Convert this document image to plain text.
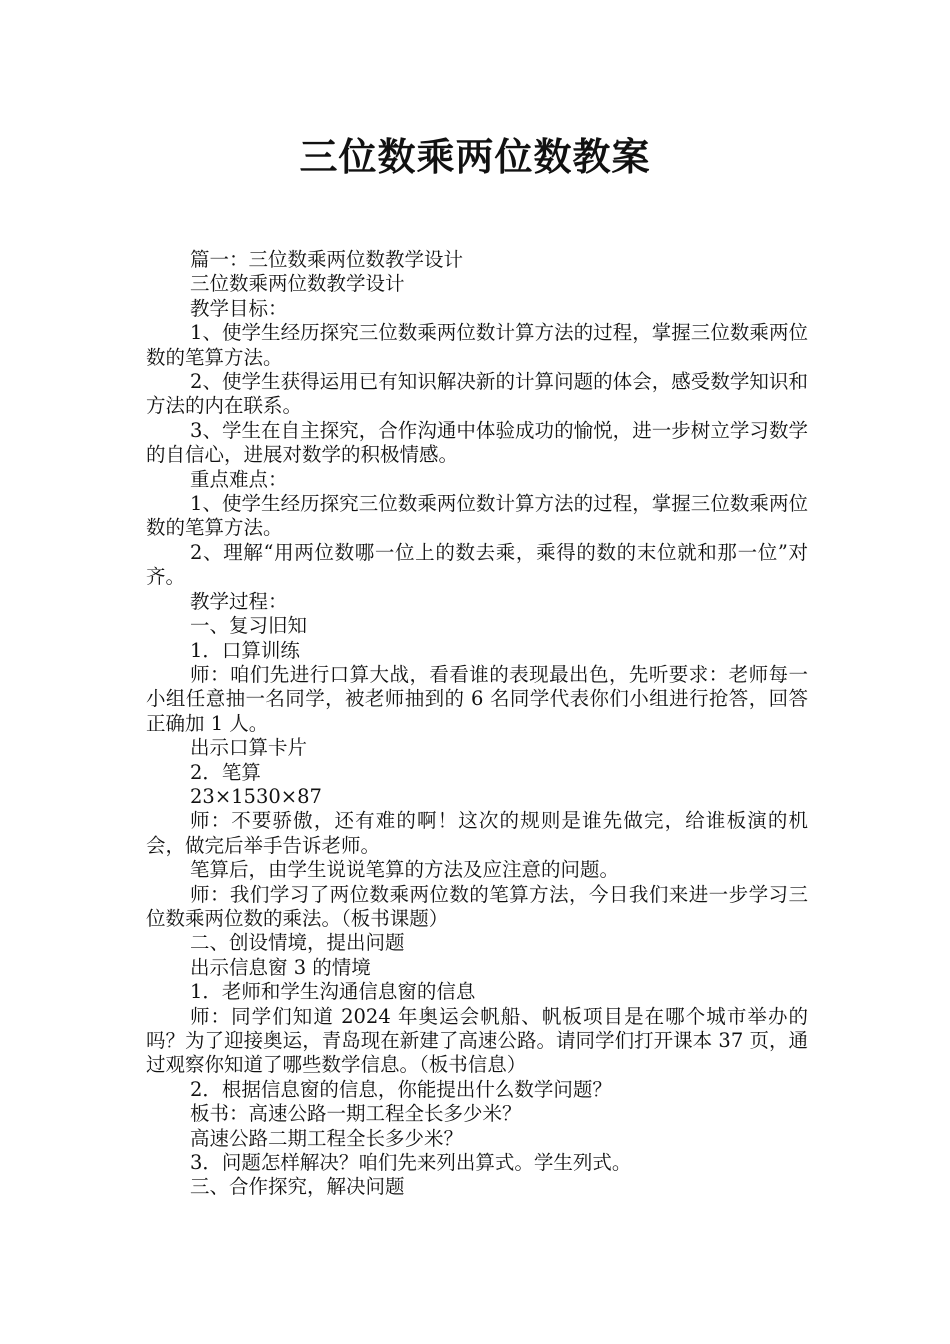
三位数乘两位数教案

篇一：三位数乘两位数教学设计

三位数乘两位数教学设计

教学目标：

1、使学生经历探究三位数乘两位数计算方法的过程，掌握三位数乘两位数的笔算方法。

2、使学生获得运用已有知识解决新的计算问题的体会，感受数学知识和方法的内在联系。

3、学生在自主探究，合作沟通中体验成功的愉悦，进一步树立学习数学的自信心，进展对数学的积极情感。

重点难点：

1、使学生经历探究三位数乘两位数计算方法的过程，掌握三位数乘两位数的笔算方法。

2、理解“用两位数哪一位上的数去乘，乘得的数的末位就和那一位”对齐。

教学过程：

一、复习旧知

1．口算训练

师：咱们先进行口算大战，看看谁的表现最出色，先听要求：老师每一小组任意抽一名同学，被老师抽到的 6 名同学代表你们小组进行抢答，回答正确加 1 人。

出示口算卡片

2．笔算

23×1530×87

师：不要骄傲，还有难的啊！这次的规则是谁先做完，给谁板演的机会，做完后举手告诉老师。

笔算后，由学生说说笔算的方法及应注意的问题。

师：我们学习了两位数乘两位数的笔算方法，今日我们来进一步学习三位数乘两位数的乘法。（板书课题）

二、创设情境，提出问题

出示信息窗 3 的情境

1．老师和学生沟通信息窗的信息

师：同学们知道 2024 年奥运会帆船、帆板项目是在哪个城市举办的吗？为了迎接奥运，青岛现在新建了高速公路。请同学们打开课本 37 页，通过观察你知道了哪些数学信息。（板书信息）

2．根据信息窗的信息，你能提出什么数学问题？

板书：高速公路一期工程全长多少米？

高速公路二期工程全长多少米？

3．问题怎样解决？咱们先来列出算式。学生列式。

三、合作探究，解决问题
